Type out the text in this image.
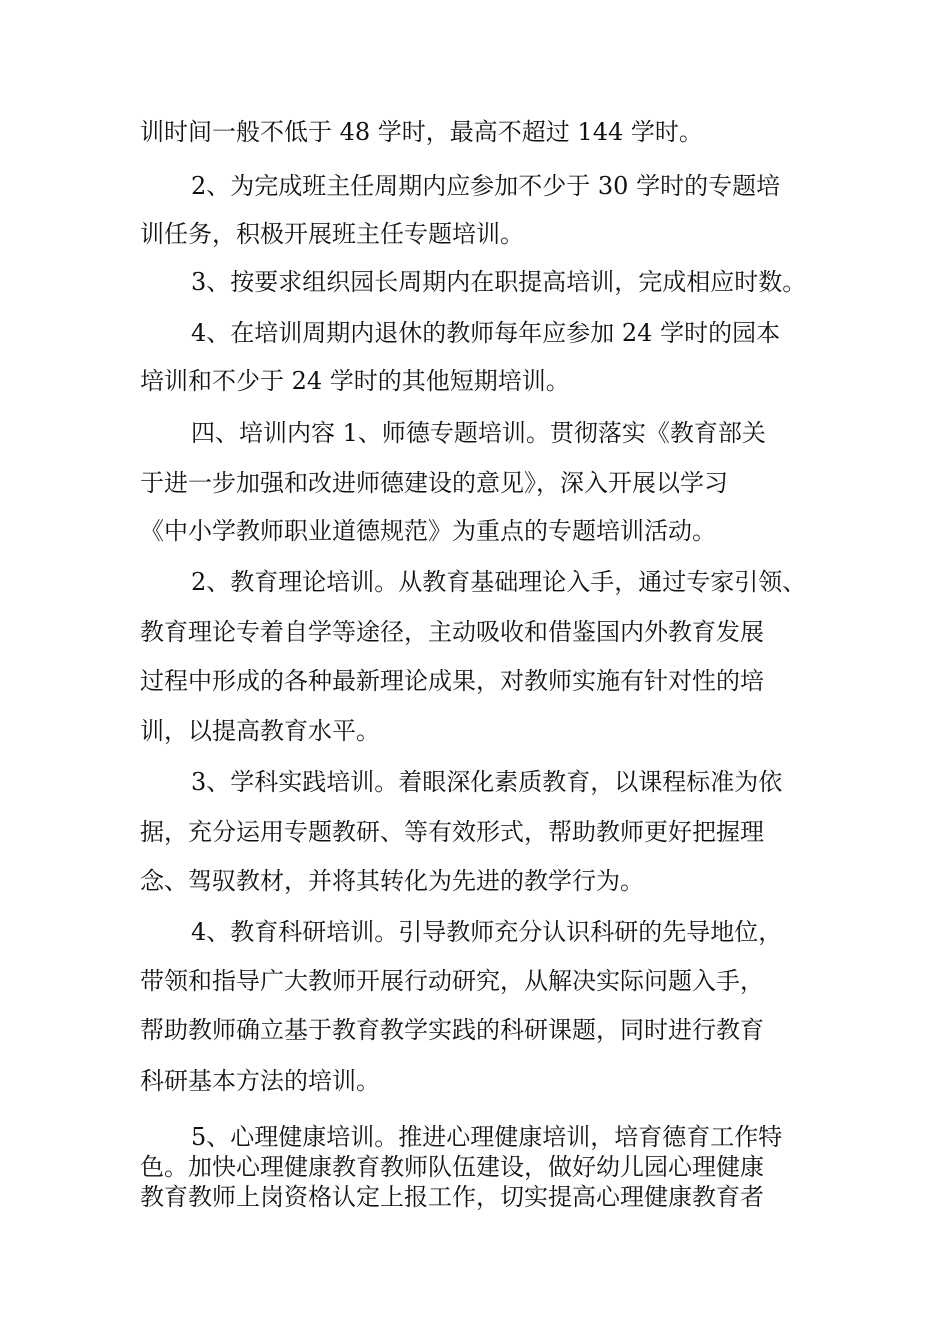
训时间一般不低于 48 学时，最高不超过 144 学时。
2、为完成班主任周期内应参加不少于 30 学时的专题培
训任务，积极开展班主任专题培训。
3、按要求组织园长周期内在职提高培训，完成相应时数。
4、在培训周期内退休的教师每年应参加 24 学时的园本
培训和不少于 24 学时的其他短期培训。
四、培训内容 1、师德专题培训。贯彻落实《教育部关
于进一步加强和改进师德建设的意见》，深入开展以学习
《中小学教师职业道德规范》为重点的专题培训活动。
2、教育理论培训。从教育基础理论入手，通过专家引领、
教育理论专着自学等途径，主动吸收和借鉴国内外教育发展
过程中形成的各种最新理论成果，对教师实施有针对性的培
训，以提高教育水平。
3、学科实践培训。着眼深化素质教育，以课程标准为依
据，充分运用专题教研、等有效形式，帮助教师更好把握理
念、驾驭教材，并将其转化为先进的教学行为。
4、教育科研培训。引导教师充分认识科研的先导地位，
带领和指导广大教师开展行动研究，从解决实际问题入手，
帮助教师确立基于教育教学实践的科研课题，同时进行教育
科研基本方法的培训。
5、心理健康培训。推进心理健康培训，培育德育工作特
色。加快心理健康教育教师队伍建设，做好幼儿园心理健康
教育教师上岗资格认定上报工作，切实提高心理健康教育者
